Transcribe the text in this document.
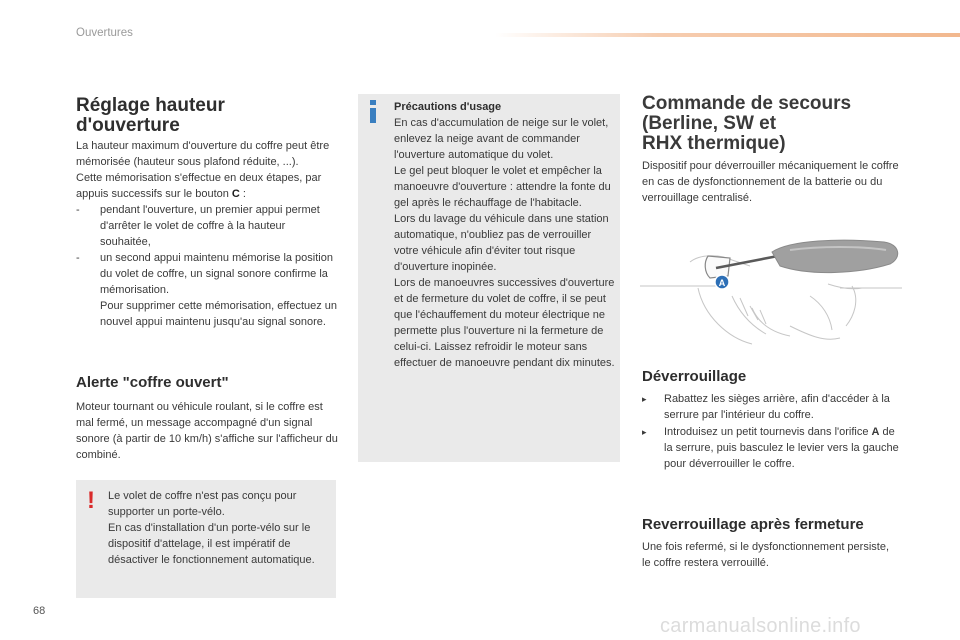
Ouvertures
Réglage hauteur d'ouverture

La hauteur maximum d'ouverture du coffre peut être mémorisée (hauteur sous plafond réduite, ...).

Cette mémorisation s'effectue en deux étapes, par appuis successifs sur le bouton C :

- pendant l'ouverture, un premier appui permet d'arrêter le volet de coffre à la hauteur souhaitée,
- un second appui maintenu mémorise la position du volet de coffre, un signal sonore confirme la mémorisation.

Pour supprimer cette mémorisation, effectuez un nouvel appui maintenu jusqu'au signal sonore.

Alerte "coffre ouvert"

Moteur tournant ou véhicule roulant, si le coffre est mal fermé, un message accompagné d'un signal sonore (à partir de 10 km/h) s'affiche sur l'afficheur du combiné.

! Le volet de coffre n'est pas conçu pour supporter un porte-vélo.

En cas d'installation d'un porte-vélo sur le dispositif d'attelage, il est impératif de désactiver le fonctionnement automatique.

Précautions d'usage

En cas d'accumulation de neige sur le volet, enlevez la neige avant de commander l'ouverture automatique du volet.

Le gel peut bloquer le volet et empêcher la manoeuvre d'ouverture : attendre la fonte du gel après le réchauffage de l'habitacle.

Lors du lavage du véhicule dans une station automatique, n'oubliez pas de verrouiller votre véhicule afin d'éviter tout risque d'ouverture inopinée.

Lors de manoeuvres successives d'ouverture et de fermeture du volet de coffre, il se peut que l'échauffement du moteur électrique ne permette plus l'ouverture ni la fermeture de celui-ci. Laissez refroidir le moteur sans effectuer de manoeuvre pendant dix minutes.

Commande de secours
(Berline, SW et
RHX thermique)

Dispositif pour déverrouiller mécaniquement le coffre en cas de dysfonctionnement de la batterie ou du verrouillage centralisé.

A
Déverrouillage
▸ Rabattez les sièges arrière, afin d'accéder à la serrure par l'intérieur du coffre.
▸ Introduisez un petit tournevis dans l'orifice A de la serrure, puis basculez le levier vers la gauche pour déverrouiller le coffre.
Reverrouillage après fermeture

Une fois refermé, si le dysfonctionnement persiste, le coffre restera verrouillé.

68
carmanualsonline.info
